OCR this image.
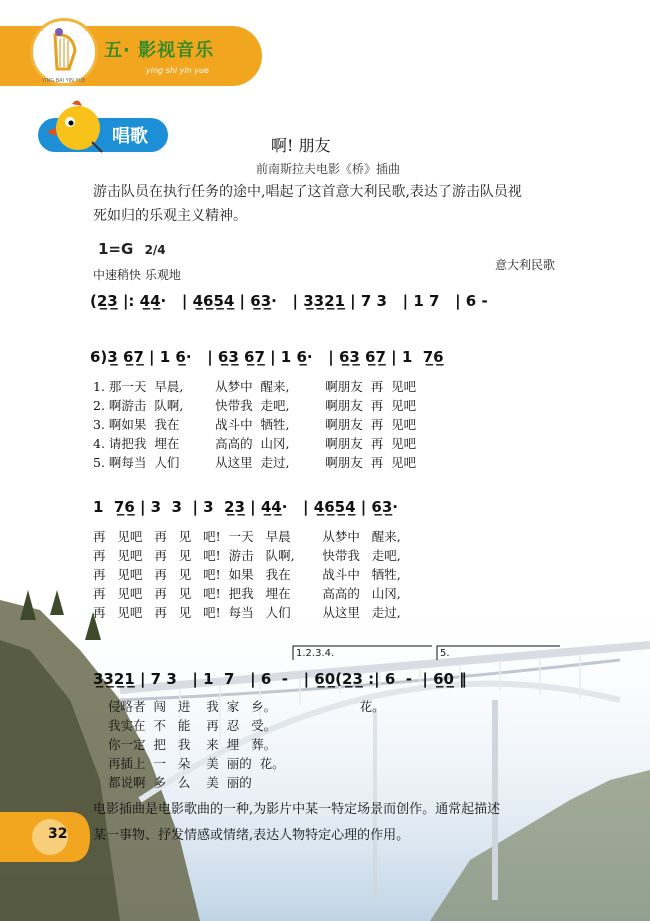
YING BAI YIN YUE
五· 影视音乐
ying shi yin yue
唱歌	啊! 朋友
前南斯拉夫电影《桥》插曲
游击队员在执行任务的途中,唱起了这首意大利民歌,表达了游击队员视
死如归的乐观主义精神。
1=G 2/4
中速稍快 乐观地
意大利民歌
(2̲3̲ |: 4̲4̲·   | 4̲6̲5̲4̲ | 6̲3̲·   | 3̲3̲2̲1̲ | 7 3   | 1 7   | 6 -
6)3̲ 6̲7̲ | 1 6̲·   | 6̲3̲ 6̲7̲ | 1 6̲·   | 6̲3̲ 6̲7̲ | 1  7̲6̲
1. 那一天  早晨,        从梦中  醒来,         啊朋友  再  见吧
2. 啊游击  队啊,        快带我  走吧,         啊朋友  再  见吧
3. 啊如果  我在         战斗中  牺牲,         啊朋友  再  见吧
4. 请把我  埋在         高高的  山冈,         啊朋友  再  见吧
5. 啊每当  人们         从这里  走过,         啊朋友  再  见吧
1  7̲6̲ | 3  3  | 3  2̲3̲ | 4̲4̲·   | 4̲6̲5̲4̲ | 6̲3̲·
再   见吧   再   见   吧!  一天   早晨        从梦中   醒来,
再   见吧   再   见   吧!  游击   队啊,       快带我   走吧,
再   见吧   再   见   吧!  如果   我在        战斗中   牺牲,
再   见吧   再   见   吧!  把我   埋在        高高的   山冈,
再   见吧   再   见   吧!  每当   人们        从这里   走过,
1.2.3.4.	5.
3̲3̲2̲1̲ | 7 3   | 1  7   | 6  -   | 6̲0̲(2̲3̲ :| 6  -  | 6̲0̲ ‖
侵略者  闯   进    我  家   乡。                     花。
我实在  不   能    再  忍   受。
你一定  把   我    来  埋   葬。
再插上  一   朵    美  丽的  花。
都说啊  多   么    美  丽的
电影插曲是电影歌曲的一种,为影片中某一特定场景而创作。通常起描述
某一事物、抒发情感或情绪,表达人物特定心理的作用。
32
